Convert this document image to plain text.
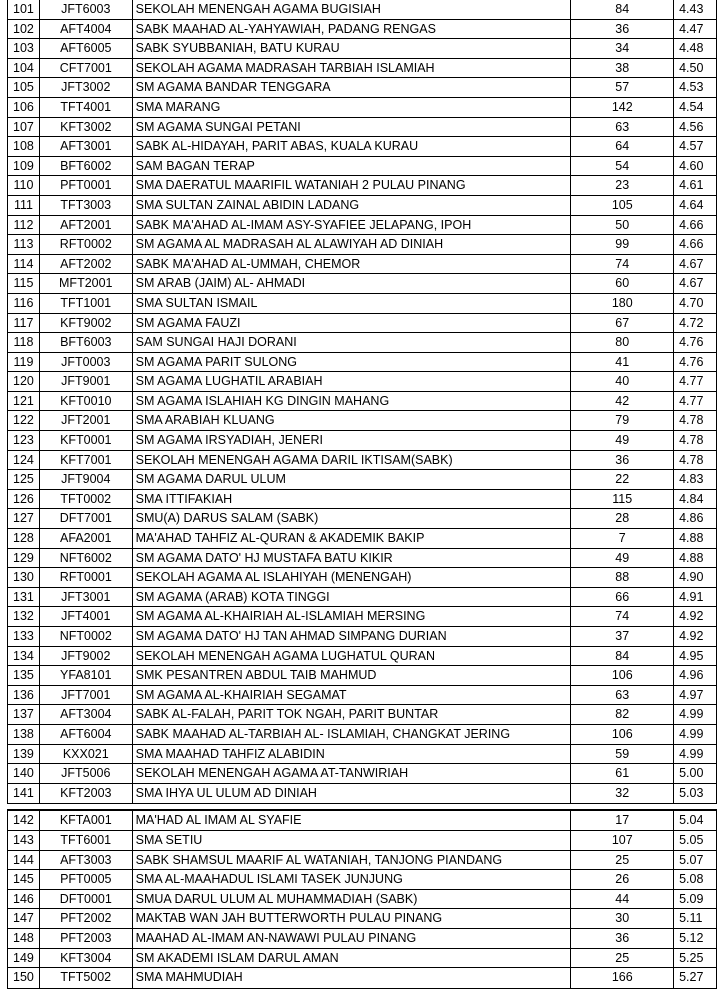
101	JFT6003	SEKOLAH MENENGAH AGAMA BUGISIAH	84	4.43
102	AFT4004	SABK MAAHAD AL-YAHYAWIAH, PADANG RENGAS	36	4.47
103	AFT6005	SABK SYUBBANIAH, BATU KURAU	34	4.48
104	CFT7001	SEKOLAH AGAMA MADRASAH TARBIAH ISLAMIAH	38	4.50
105	JFT3002	SM AGAMA BANDAR TENGGARA	57	4.53
106	TFT4001	SMA MARANG	142	4.54
107	KFT3002	SM AGAMA SUNGAI PETANI	63	4.56
108	AFT3001	SABK AL-HIDAYAH, PARIT ABAS, KUALA KURAU	64	4.57
109	BFT6002	SAM BAGAN TERAP	54	4.60
110	PFT0001	SMA DAERATUL MAARIFIL WATANIAH 2 PULAU PINANG	23	4.61
111	TFT3003	SMA SULTAN ZAINAL ABIDIN LADANG	105	4.64
112	AFT2001	SABK MA'AHAD AL-IMAM ASY-SYAFIEE JELAPANG, IPOH	50	4.66
113	RFT0002	SM AGAMA AL MADRASAH AL ALAWIYAH AD DINIAH	99	4.66
114	AFT2002	SABK MA'AHAD AL-UMMAH, CHEMOR	74	4.67
115	MFT2001	SM ARAB (JAIM) AL- AHMADI	60	4.67
116	TFT1001	SMA SULTAN ISMAIL	180	4.70
117	KFT9002	SM AGAMA FAUZI	67	4.72
118	BFT6003	SAM SUNGAI HAJI DORANI	80	4.76
119	JFT0003	SM AGAMA PARIT SULONG	41	4.76
120	JFT9001	SM AGAMA LUGHATIL ARABIAH	40	4.77
121	KFT0010	SM AGAMA ISLAHIAH KG DINGIN MAHANG	42	4.77
122	JFT2001	SMA ARABIAH KLUANG	79	4.78
123	KFT0001	SM AGAMA IRSYADIAH, JENERI	49	4.78
124	KFT7001	SEKOLAH MENENGAH AGAMA DARIL IKTISAM(SABK)	36	4.78
125	JFT9004	SM AGAMA DARUL ULUM	22	4.83
126	TFT0002	SMA ITTIFAKIAH	115	4.84
127	DFT7001	SMU(A) DARUS SALAM (SABK)	28	4.86
128	AFA2001	MA'AHAD TAHFIZ AL-QURAN & AKADEMIK BAKIP	7	4.88
129	NFT6002	SM AGAMA DATO' HJ MUSTAFA BATU KIKIR	49	4.88
130	RFT0001	SEKOLAH AGAMA AL ISLAHIYAH (MENENGAH)	88	4.90
131	JFT3001	SM AGAMA (ARAB) KOTA TINGGI	66	4.91
132	JFT4001	SM AGAMA AL-KHAIRIAH AL-ISLAMIAH MERSING	74	4.92
133	NFT0002	SM AGAMA DATO' HJ TAN AHMAD SIMPANG DURIAN	37	4.92
134	JFT9002	SEKOLAH MENENGAH AGAMA LUGHATUL QURAN	84	4.95
135	YFA8101	SMK PESANTREN ABDUL TAIB MAHMUD	106	4.96
136	JFT7001	SM AGAMA AL-KHAIRIAH SEGAMAT	63	4.97
137	AFT3004	SABK AL-FALAH, PARIT TOK NGAH, PARIT BUNTAR	82	4.99
138	AFT6004	SABK MAAHAD AL-TARBIAH AL- ISLAMIAH, CHANGKAT JERING	106	4.99
139	KXX021	SMA MAAHAD TAHFIZ ALABIDIN	59	4.99
140	JFT5006	SEKOLAH MENENGAH AGAMA AT-TANWIRIAH	61	5.00
141	KFT2003	SMA IHYA UL ULUM AD DINIAH	32	5.03
142	KFTA001	MA'HAD AL IMAM AL SYAFIE	17	5.04
143	TFT6001	SMA SETIU	107	5.05
144	AFT3003	SABK SHAMSUL MAARIF AL WATANIAH, TANJONG PIANDANG	25	5.07
145	PFT0005	SMA AL-MAAHADUL ISLAMI TASEK JUNJUNG	26	5.08
146	DFT0001	SMUA DARUL ULUM AL MUHAMMADIAH (SABK)	44	5.09
147	PFT2002	MAKTAB WAN JAH BUTTERWORTH PULAU PINANG	30	5.11
148	PFT2003	MAAHAD AL-IMAM AN-NAWAWI PULAU PINANG	36	5.12
149	KFT3004	SM AKADEMI ISLAM DARUL AMAN	25	5.25
150	TFT5002	SMA MAHMUDIAH	166	5.27
